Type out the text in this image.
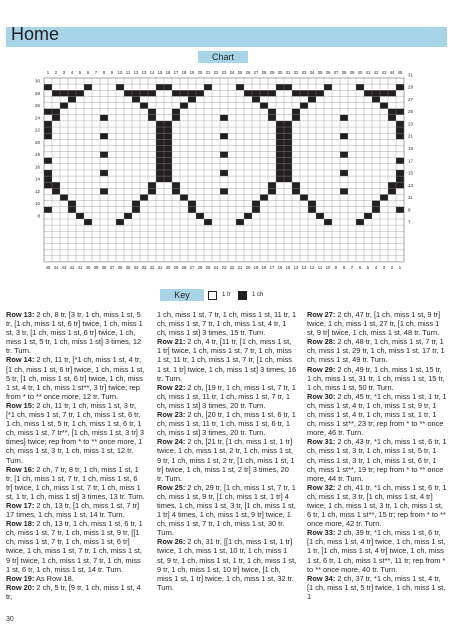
Home
Chart
1 2 3 4 5 6 7 8 9 10 11 12 13 14 15 16 17 18 19 20 21 22 23 24 25 26 27 28 29 30 31 32 33 34 35 36 37 38 39 40 41 42 43 44 45
45 44 43 42 41 40 39 38 37 36 35 34 33 32 31 30 29 28 27 26 25 24 23 22 21 20 19 18 17 16 15 14 13 12 11 10 9 8 7 6 5 4 3 2 1
30
28
26
24
22
20
18
16
14
12
10
8
31
29
27
25
23
21
19
17
15
13
11
9
7
Key	1 tr	1 ch

Row 13: 2 ch, 8 tr, [3 tr, 1 ch, miss 1 st, 5 tr, [1 ch, miss 1 st, 6 tr] twice, 1 ch, miss 1 st, 3 tr, [1 ch, miss 1 st, 6 tr] twice, 1 ch, miss 1 st, 5 tr, 1 ch, miss 1 st] 3 times, 12 tr. Turn.

Row 14: 2 ch, 11 tr, [*1 ch, miss 1 st, 4 tr, [1 ch, miss 1 st, 6 tr] twice, 1 ch, miss 1 st, 5 tr, [1 ch, miss 1 st, 6 tr] twice, 1 ch, miss 1 st, 4 tr, 1 ch, miss 1 st**, 3 tr] twice; rep from * to ** once more, 12 tr. Turn.

Row 15: 2 ch, 11 tr, 1 ch, miss 1 st, 3 tr, [*1 ch, miss 1 st, 7 tr, 1 ch, miss 1 st, 6 tr, 1 ch, miss 1 st, 5 tr, 1 ch, miss 1 st, 6 tr, 1 ch, miss 1 st, 7 tr**, [1 ch, miss 1 st, 3 tr] 3 times] twice; rep from * to ** once more, 1 ch, miss 1 st, 3 tr, 1 ch, miss 1 st, 12 tr. Turn.

Row 16: 2 ch, 7 tr, 8 tr, 1 ch, miss 1 st, 1 tr, [1 ch, miss 1 st, 7 tr, 1 ch, miss 1 st, 6 tr] twice, 1 ch, miss 1 st, 7 tr, 1 ch, miss 1 st, 1 tr, 1 ch, miss 1 st] 3 times, 13 tr. Turn.

Row 17: 2 ch, 13 tr, [1 ch, miss 1 st, 7 tr] 17 times, 1 ch, miss 1 st, 14 tr. Turn.

Row 18: 2 ch, 13 tr, 1 ch, miss 1 st, 6 tr, 1 ch, miss 1 st, 7 tr, 1 ch, miss 1 st, 9 tr, [[1 ch, miss 1 st, 7 tr, 1 ch, miss 1 st, 6 tr] twice, 1 ch, miss 1 st, 7 tr, 1 ch, miss 1 st, 9 tr] twice, 1 ch, miss 1 st, 7 tr, 1 ch, miss 1 st, 6 tr, 1 ch, miss 1 st, 14 tr. Turn.

Row 19: As Row 18.

Row 20: 2 ch, 5 tr, [9 tr, 1 ch, miss 1 st, 4 tr,

1 ch, miss 1 st, 7 tr, 1 ch, miss 1 st, 11 tr, 1 ch, miss 1 st, 7 tr, 1 ch, miss 1 st, 4 tr, 1 ch, miss 1 st] 3 times, 15 tr. Turn.

Row 21: 2 ch, 4 tr, [11 tr, [1 ch, miss 1 st, 1 tr] twice, 1 ch, miss 1 st, 7 tr, 1 ch, miss 1 st, 11 tr, 1 ch, miss 1 st, 7 tr, [1 ch, miss 1 st, 1 tr] twice, 1 ch, miss 1 st] 3 times, 16 tr. Turn.

Row 22: 2 ch, [19 tr, 1 ch, miss 1 st, 7 tr, 1 ch, miss 1 st, 11 tr, 1 ch, miss 1 st, 7 tr, 1 ch, miss 1 st] 3 times, 20 tr. Turn.

Row 23: 2 ch, [20 tr, 1 ch, miss 1 st, 6 tr, 1 ch, miss 1 st, 11 tr, 1 ch, miss 1 st, 6 tr, 1 ch, miss 1 st] 3 times, 20 tr. Turn.

Row 24: 2 ch, [21 tr, [1 ch, miss 1 st, 1 tr] twice, 1 ch, miss 1 st, 2 tr, 1 ch, miss 1 st, 9 tr, 1 ch, miss 1 st, 2 tr, [1 ch, miss 1 st, 1 tr] twice, 1 ch, miss 1 st, 2 tr] 3 times, 20 tr. Turn.

Row 25: 2 ch, 29 tr, [1 ch, miss 1 st, 7 tr, 1 ch, miss 1 st, 9 tr, [1 ch, miss 1 st, 1 tr] 4 times, 1 ch, miss 1 st, 3 tr, [1 ch, miss 1 st, 1 tr] 4 times, 1 ch, miss 1 st, 9 tr] twice, 1 ch, miss 1 st, 7 tr, 1 ch, miss 1 st, 30 tr. Turn.

Row 26: 2 ch, 31 tr, [[1 ch, miss 1 st, 1 tr] twice, 1 ch, miss 1 st, 10 tr, 1 ch, miss 1 st, 9 tr, 1 ch, miss 1 st, 1 tr, 1 ch, miss 1 st, 9 tr, 1 ch, miss 1 st, 10 tr] twice, [1 ch, miss 1 st, 1 tr] twice, 1 ch, miss 1 st, 32 tr. Turn.

Row 27: 2 ch, 47 tr, [1 ch, miss 1 st, 9 tr] twice, 1 ch, miss 1 st, 27 tr, [1 ch, miss 1 st, 9 tr] twice, 1 ch, miss 1 st, 48 tr. Turn.

Row 28: 2 ch, 48 tr, 1 ch, miss 1 st, 7 tr, 1 ch, miss 1 st, 29 tr, 1 ch, miss 1 st, 17 tr, 1 ch, miss 1 st, 49 tr. Turn.

Row 29: 2 ch, 49 tr, 1 ch, miss 1 st, 15 tr, 1 ch, miss 1 st, 31 tr, 1 ch, miss 1 st, 15 tr, 1 ch, miss 1 st, 50 tr. Turn.

Row 30: 2 ch, 45 tr, *1 ch, miss 1 st, 1 tr, 1 ch, miss 1 st, 4 tr, 1 ch, miss 1 st, 9 tr, 1 ch, miss 1 st, 4 tr, 1 ch, miss 1 st, 1 tr, 1 ch, miss 1 st**, 23 tr; rep from * to ** once more, 46 tr. Turn.

Row 31: 2 ch, 43 tr, *1 ch, miss 1 st, 6 tr, 1 ch, miss 1 st, 3 tr, 1 ch, miss 1 st, 5 tr, 1 ch, miss 1 st, 3 tr, 1 ch, miss 1 st, 6 tr, 1 ch, miss 1 st**, 19 tr; rep from * to ** once more, 44 tr. Turn.

Row 32: 2 ch, 41 tr, *1 ch, miss 1 st, 6 tr, 1 ch, miss 1 st, 3 tr, [1 ch, miss 1 st, 4 tr] twice, 1 ch, miss 1 st, 3 tr, 1 ch, miss 1 st, 6 tr, 1 ch, miss 1 st**, 15 tr; rep from * to ** once more, 42 tr. Turn.

Row 33: 2 ch, 39 tr, *1 ch, miss 1 st, 6 tr, [1 ch, miss 1 st, 4 tr] twice, 1 ch, miss 1 st, 1 tr, [1 ch, miss 1 st, 4 tr] twice, 1 ch, miss 1 st, 6 tr, 1 ch, miss 1 st**, 11 tr; rep from * to ** once more, 40 tr. Turn.

Row 34: 2 ch, 37 tr, *1 ch, miss 1 st, 4 tr, [1 ch, miss 1 st, 5 tr] twice, 1 ch, miss 1 st, 1

30
